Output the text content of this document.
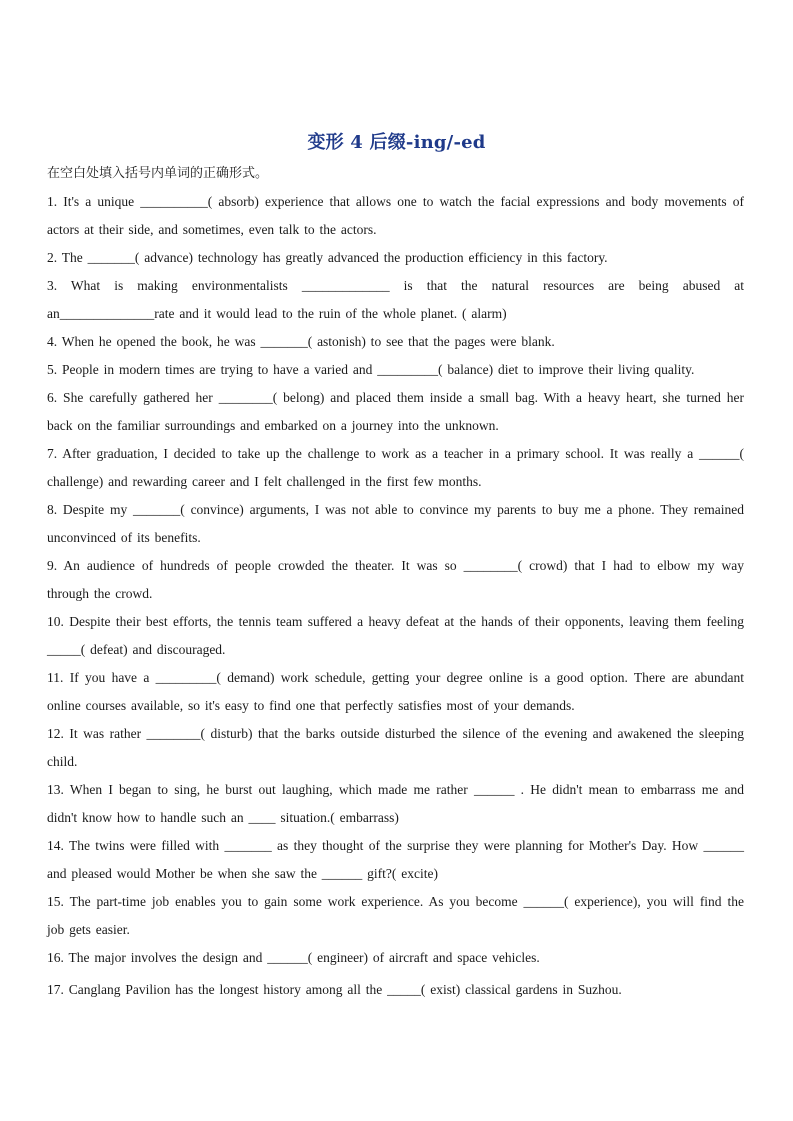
变形 4 后缀-ing/-ed
在空白处填入括号内单词的正确形式。

1. It's a unique __________( absorb) experience that allows one to watch the facial expressions and body movements of actors at their side, and sometimes, even talk to the actors.

2. The _______( advance) technology has greatly advanced the production efficiency in this factory.

3. What is making environmentalists _____________ is that the natural resources are being abused at an______________rate and it would lead to the ruin of the whole planet. ( alarm)

4. When he opened the book, he was _______( astonish) to see that the pages were blank.

5. People in modern times are trying to have a varied and _________( balance) diet to improve their living quality.

6. She carefully gathered her ________( belong) and placed them inside a small bag. With a heavy heart, she turned her back on the familiar surroundings and embarked on a journey into the unknown.

7. After graduation, I decided to take up the challenge to work as a teacher in a primary school. It was really a ______( challenge) and rewarding career and I felt challenged in the first few months.

8. Despite my _______( convince) arguments, I was not able to convince my parents to buy me a phone. They remained unconvinced of its benefits.

9. An audience of hundreds of people crowded the theater. It was so ________( crowd) that I had to elbow my way through the crowd.

10. Despite their best efforts, the tennis team suffered a heavy defeat at the hands of their opponents, leaving them feeling _____( defeat) and discouraged.

11. If you have a _________( demand) work schedule, getting your degree online is a good option. There are abundant online courses available, so it's easy to find one that perfectly satisfies most of your demands.

12. It was rather ________( disturb) that the barks outside disturbed the silence of the evening and awakened the sleeping child.

13. When I began to sing, he burst out laughing, which made me rather ______ . He didn't mean to embarrass me and didn't know how to handle such an ____ situation.( embarrass)

14. The twins were filled with _______ as they thought of the surprise they were planning for Mother's Day. How ______ and pleased would Mother be when she saw the ______ gift?( excite)

15. The part-time job enables you to gain some work experience. As you become ______( experience), you will find the job gets easier.

16. The major involves the design and ______( engineer) of aircraft and space vehicles.

17. Canglang Pavilion has the longest history among all the _____( exist) classical gardens in Suzhou.
